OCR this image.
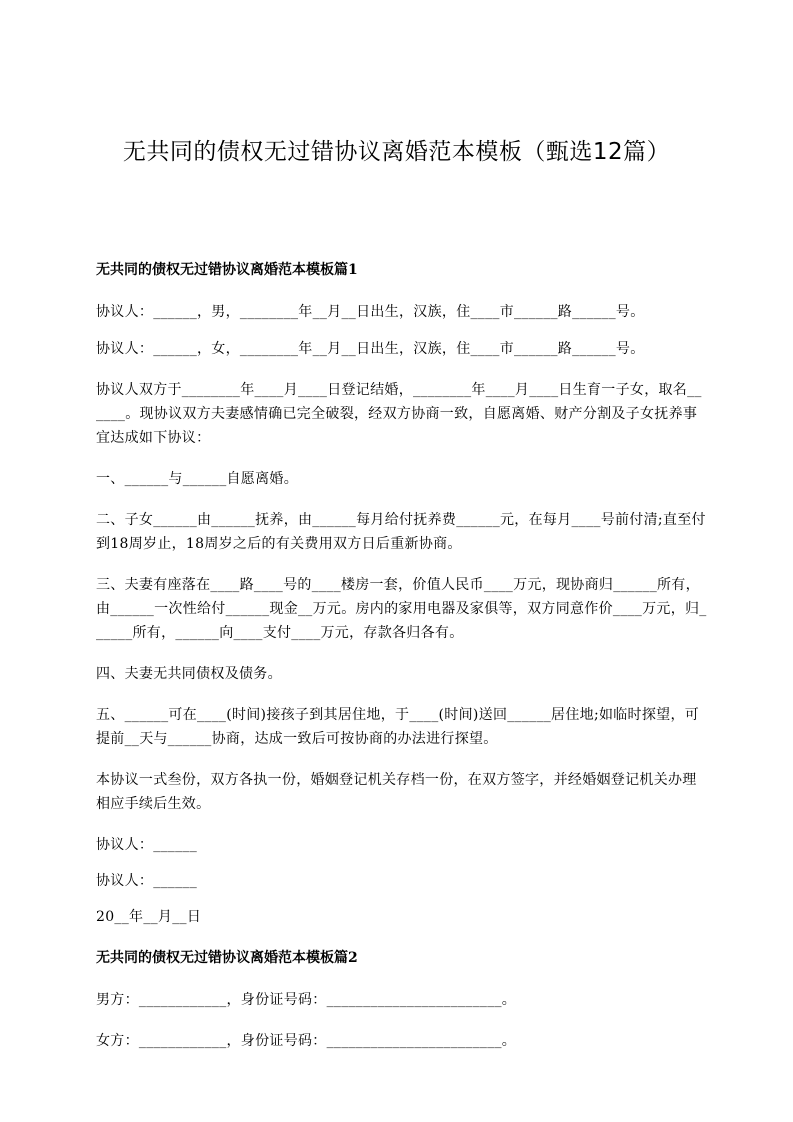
无共同的债权无过错协议离婚范本模板（甄选12篇）
无共同的债权无过错协议离婚范本模板篇1
协议人：______，男，________年__月__日出生，汉族，住____市______路______号。
协议人：______，女，________年__月__日出生，汉族，住____市______路______号。
协议人双方于________年____月____日登记结婚，________年____月____日生育一子女，取名______。现协议双方夫妻感情确已完全破裂，经双方协商一致，自愿离婚、财产分割及子女抚养事宜达成如下协议：
一、______与______自愿离婚。
二、子女______由______抚养，由______每月给付抚养费______元，在每月____号前付清;直至付到18周岁止，18周岁之后的有关费用双方日后重新协商。
三、夫妻有座落在____路____号的____楼房一套，价值人民币____万元，现协商归______所有，由______一次性给付______现金__万元。房内的家用电器及家俱等，双方同意作价____万元，归______所有，______向____支付____万元，存款各归各有。
四、夫妻无共同债权及债务。
五、______可在____(时间)接孩子到其居住地，于____(时间)送回______居住地;如临时探望，可提前__天与______协商，达成一致后可按协商的办法进行探望。
本协议一式叁份，双方各执一份，婚姻登记机关存档一份，在双方签字，并经婚姻登记机关办理相应手续后生效。
协议人：______
协议人：______
20__年__月__日
无共同的债权无过错协议离婚范本模板篇2
男方：____________，身份证号码：________________________。
女方：____________，身份证号码：________________________。
